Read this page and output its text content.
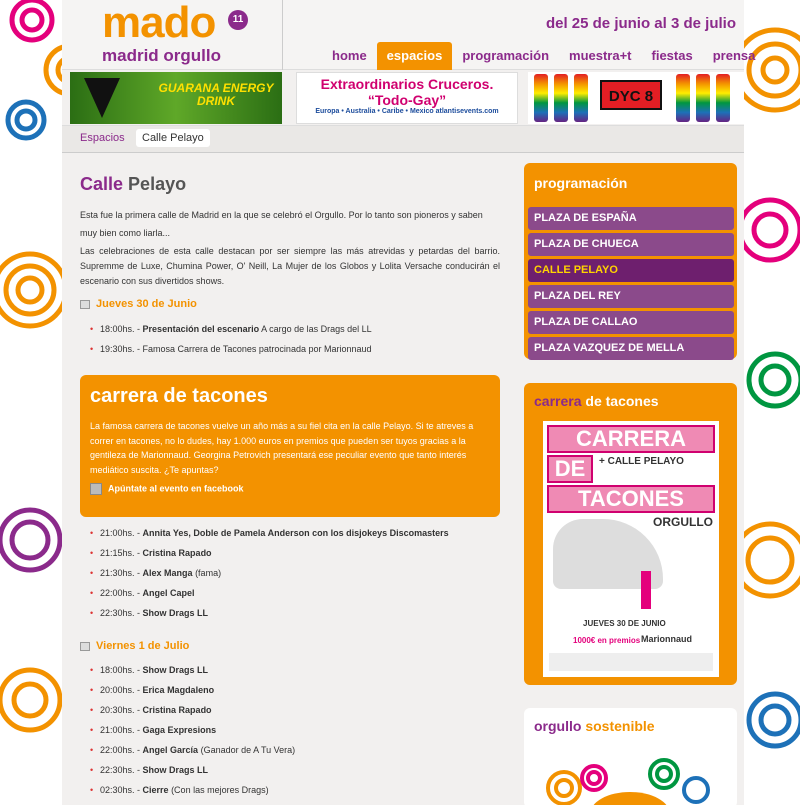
mado	11
madrid orgullo
del 25 de junio al 3 de julio
home	espacios	programación	muestra+t	fiestas	prensa
GUARANA ENERGY DRINK
Extraordinarios Cruceros.
“Todo-Gay”
Europa • Australia • Caribe • Mexico atlantisevents.com
DYC 8
Espacios	Calle Pelayo
Calle Pelayo
Esta fue la primera calle de Madrid en la que se celebró el Orgullo. Por lo tanto son pioneros y saben muy bien como liarla...
Las celebraciones de esta calle destacan por ser siempre las más atrevidas y petardas del barrio. Supremme de Luxe, Chumina Power, O' Neill, La Mujer de los Globos y Lolita Versache conducirán el escenario con sus divertidos shows.
Jueves 30 de Junio
• 18:00hs. - Presentación del escenario A cargo de las Drags del LL
• 19:30hs. - Famosa Carrera de Tacones patrocinada por Marionnaud
carrera de tacones
La famosa carrera de tacones vuelve un año más a su fiel cita en la calle Pelayo. Si te atreves a correr en tacones, no lo dudes, hay 1.000 euros en premios que pueden ser tuyos gracias a la gentileza de Marionnaud. Georgina Petrovich presentará ese peculiar evento que tanto interés mediático suscita. ¿Te apuntas?
Apúntate al evento en facebook
• 21:00hs. - Annita Yes, Doble de Pamela Anderson con los disjokeys Discomasters
• 21:15hs. - Cristina Rapado
• 21:30hs. - Alex Manga (fama)
• 22:00hs. - Angel Capel
• 22:30hs. - Show Drags LL
Viernes 1 de Julio
• 18:00hs. - Show Drags LL
• 20:00hs. - Erica Magdaleno
• 20:30hs. - Cristina Rapado
• 21:00hs. - Gaga Expresions
• 22:00hs. - Angel García (Ganador de A Tu Vera)
• 22:30hs. - Show Drags LL
• 02:30hs. - Cierre (Con las mejores Drags)
programación
PLAZA DE ESPAÑA
PLAZA DE CHUECA
CALLE PELAYO
PLAZA DEL REY
PLAZA DE CALLAO
PLAZA VAZQUEZ DE MELLA
carrera de tacones
CARRERA
DE	+ CALLE PELAYO
TACONES
ORGULLO
JUEVES 30 DE JUNIO
1000€ en premios Marionnaud
orgullo sostenible
